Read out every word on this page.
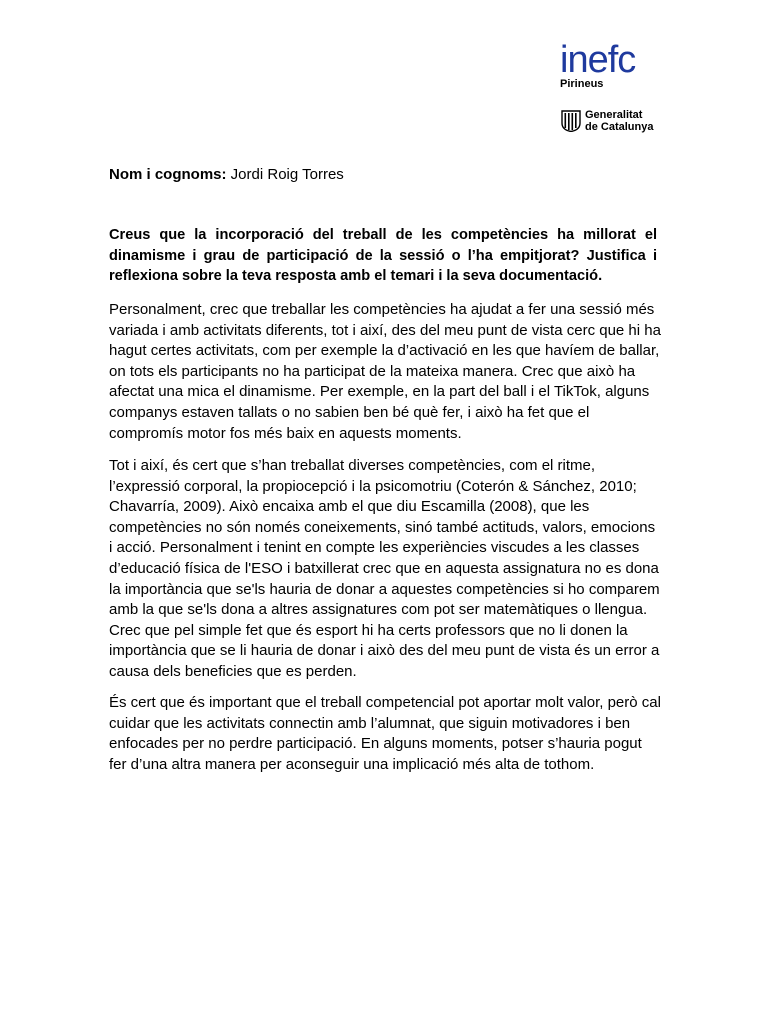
inefc
Pirineus
Generalitat
de Catalunya
Nom i cognoms: Jordi Roig Torres

Creus que la incorporació del treball de les competències ha millorat el dinamisme i grau de participació de la sessió o l’ha empitjorat? Justifica i reflexiona sobre la teva resposta amb el temari i la seva documentació.

Personalment, crec que treballar les competències ha ajudat a fer una sessió més variada i amb activitats diferents, tot i així, des del meu punt de vista cerc que hi ha hagut certes activitats, com per exemple la d’activació en les que havíem de ballar, on tots els participants no ha participat de la mateixa manera. Crec que això ha afectat una mica el dinamisme. Per exemple, en la part del ball i el TikTok, alguns companys estaven tallats o no sabien ben bé què fer, i això ha fet que el compromís motor fos més baix en aquests moments.

Tot i així, és cert que s’han treballat diverses competències, com el ritme, l’expressió corporal, la propiocepció i la psicomotriu (Coterón & Sánchez, 2010; Chavarría, 2009). Això encaixa amb el que diu Escamilla (2008), que les competències no són només coneixements, sinó també actituds, valors, emocions i acció. Personalment i tenint en compte les experiències viscudes a les classes d’educació física de l'ESO i batxillerat crec que en aquesta assignatura no es dona la importància que se'ls hauria de donar a aquestes competències si ho comparem amb la que se'ls dona a altres assignatures com pot ser matemàtiques o llengua. Crec que pel simple fet que és esport hi ha certs professors que no li donen la importància que se li hauria de donar i això des del meu punt de vista és un error a causa dels beneficies que es perden.

És cert que és important que el treball competencial pot aportar molt valor, però cal cuidar que les activitats connectin amb l’alumnat, que siguin motivadores i ben enfocades per no perdre participació. En alguns moments, potser s’hauria pogut fer d’una altra manera per aconseguir una implicació més alta de tothom.
